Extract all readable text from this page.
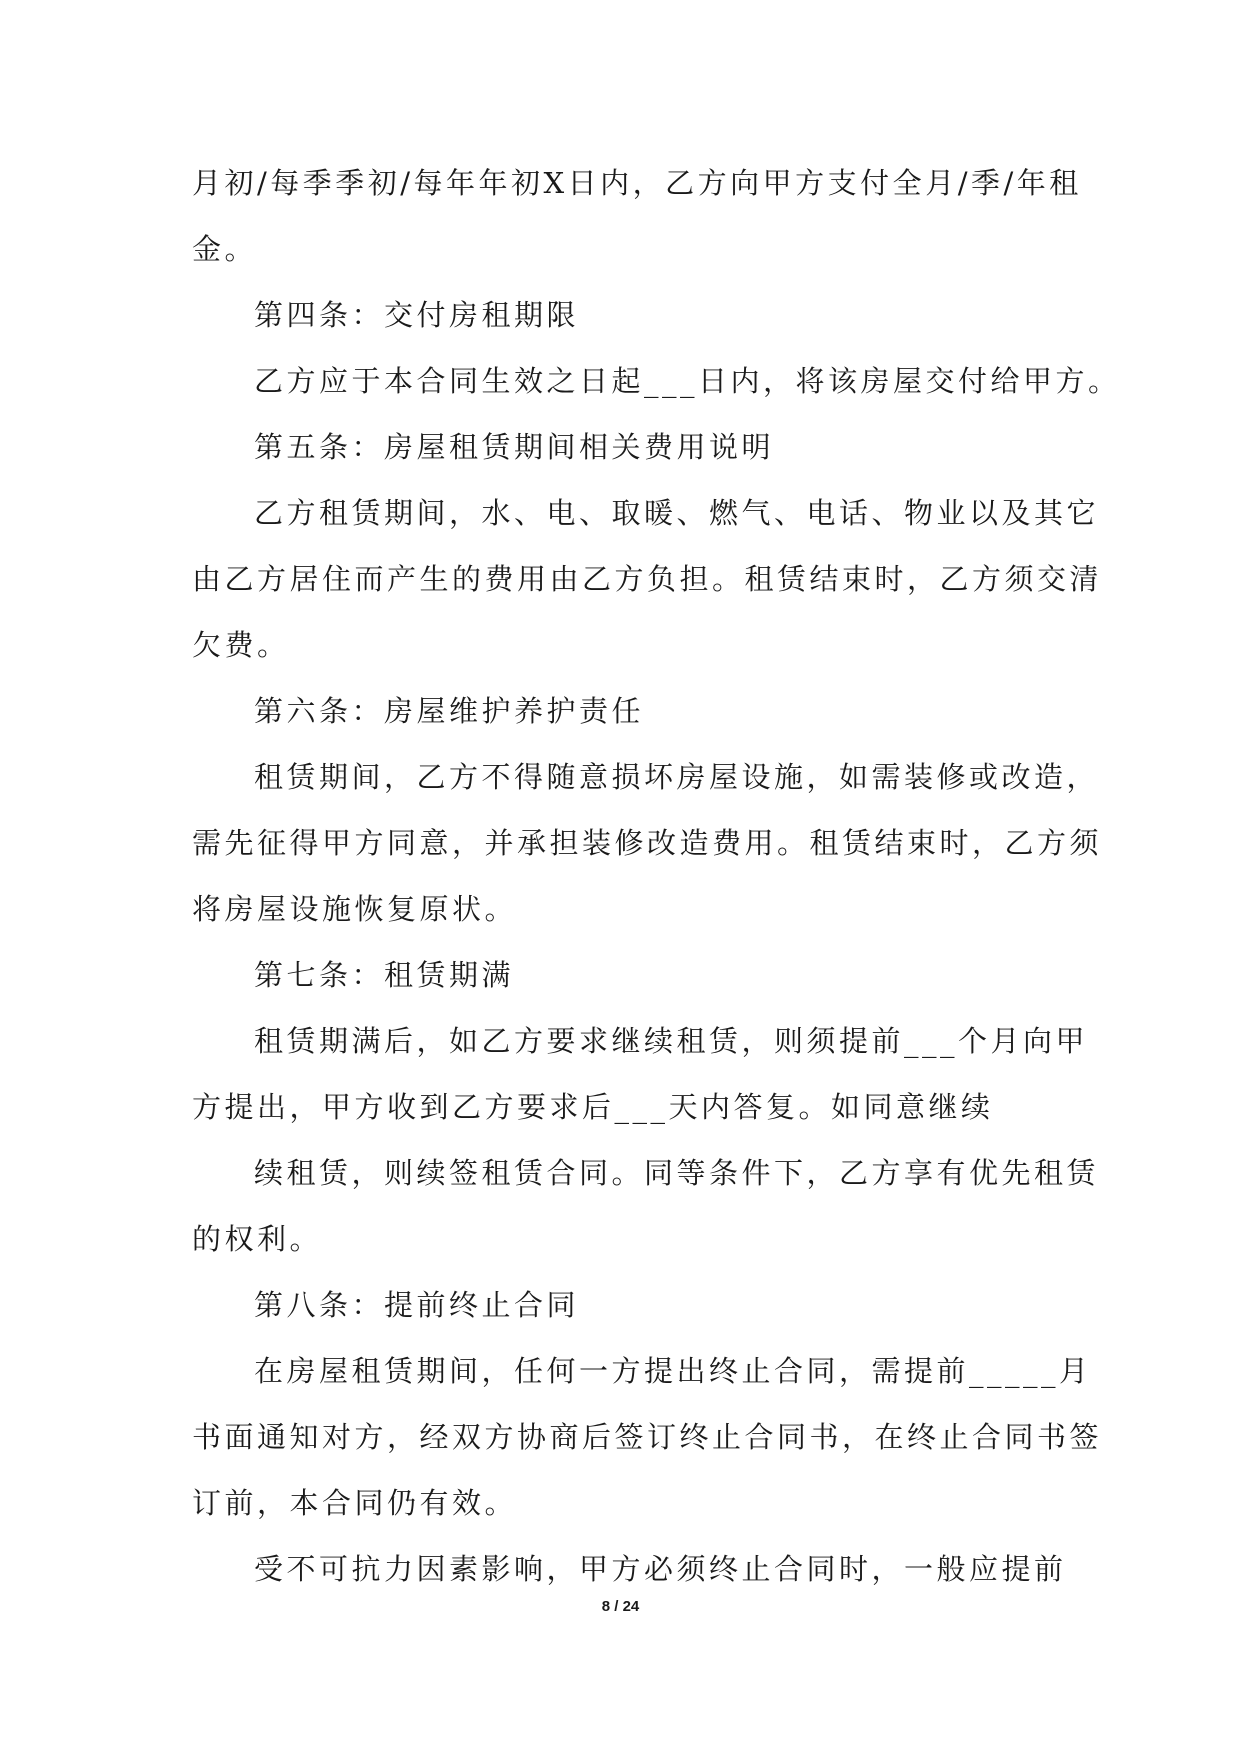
月初/每季季初/每年年初X日内，乙方向甲方支付全月/季/年租
金。
第四条：交付房租期限
乙方应于本合同生效之日起___日内，将该房屋交付给甲方。
第五条：房屋租赁期间相关费用说明
乙方租赁期间，水、电、取暖、燃气、电话、物业以及其它
由乙方居住而产生的费用由乙方负担。租赁结束时，乙方须交清
欠费。
第六条：房屋维护养护责任
租赁期间，乙方不得随意损坏房屋设施，如需装修或改造，
需先征得甲方同意，并承担装修改造费用。租赁结束时，乙方须
将房屋设施恢复原状。
第七条：租赁期满
租赁期满后，如乙方要求继续租赁，则须提前___个月向甲
方提出，甲方收到乙方要求后___天内答复。如同意继续
续租赁，则续签租赁合同。同等条件下，乙方享有优先租赁
的权利。
第八条：提前终止合同
在房屋租赁期间，任何一方提出终止合同，需提前_____月
书面通知对方，经双方协商后签订终止合同书，在终止合同书签
订前，本合同仍有效。
受不可抗力因素影响，甲方必须终止合同时，一般应提前
8 / 24
